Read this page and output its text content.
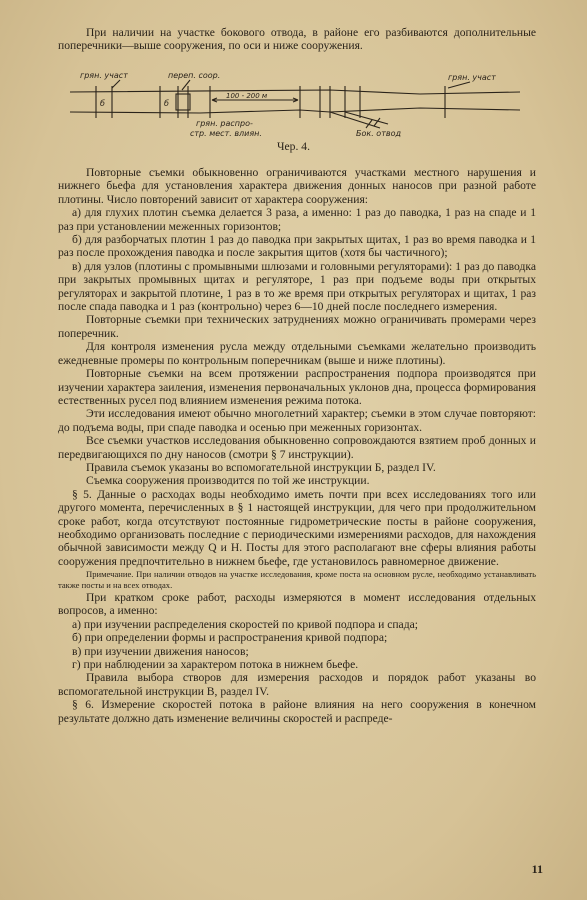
При наличии на участке бокового отвода, в районе его разбиваются дополнительные поперечники—выше сооружения, по оси и ниже сооружения.

грян. участ	переп. соор.	грян. участ
100 - 200 м
б	б
грян. распро-
стр. мест. влиян.	Бок. отвод
Чер. 4.

Повторные съемки обыкновенно ограничиваются участками местного нарушения и нижнего бьефа для установления характера движения донных наносов при разной работе плотины. Число повторений зависит от характера сооружения:

а) для глухих плотин съемка делается 3 раза, а именно: 1 раз до паводка, 1 раз на спаде и 1 раз при установлении меженных горизонтов;

б) для разборчатых плотин 1 раз до паводка при закрытых щитах, 1 раз во время паводка и 1 раз после прохождения паводка и после закрытия щитов (хотя бы частичного);

в) для узлов (плотины с промывными шлюзами и головными регуляторами): 1 раз до паводка при закрытых промывных щитах и регуляторе, 1 раз при подъеме воды при открытых регуляторах и закрытой плотине, 1 раз в то же время при открытых регуляторах и щитах, 1 раз после спада паводка и 1 раз (контрольно) через 6—10 дней после последнего измерения.

Повторные съемки при технических затруднениях можно ограничивать промерами через поперечник.

Для контроля изменения русла между отдельными съемками желательно производить ежедневные промеры по контрольным поперечникам (выше и ниже плотины).

Повторные съемки на всем протяжении распространения подпора производятся при изучении характера заиления, изменения первоначальных уклонов дна, процесса формирования естественных русел под влиянием изменения режима потока.

Эти исследования имеют обычно многолетний характер; съемки в этом случае повторяют: до подъема воды, при спаде паводка и осенью при меженных горизонтах.

Все съемки участков исследования обыкновенно сопровождаются взятием проб донных и передвигающихся по дну наносов (смотри § 7 инструкции).

Правила съемок указаны во вспомогательной инструкции Б, раздел IV.

Съемка сооружения производится по той же инструкции.

§ 5. Данные о расходах воды необходимо иметь почти при всех исследованиях того или другого момента, перечисленных в § 1 настоящей инструкции, для чего при продолжительном сроке работ, когда отсутствуют постоянные гидрометрические посты в районе сооружения, необходимо организовать последние с периодическими измерениями расходов, для нахождения обычной зависимости между Q и H. Посты для этого располагают вне сферы влияния работы сооружения предпочтительно в нижнем бьефе, где установилось равномерное движение.

Примечание. При наличии отводов на участке исследования, кроме поста на основном русле, необходимо устанавливать также посты и на всех отводах.

При кратком сроке работ, расходы измеряются в момент исследования отдельных вопросов, а именно:

а) при изучении распределения скоростей по кривой подпора и спада;

б) при определении формы и распространения кривой подпора;

в) при изучении движения наносов;

г) при наблюдении за характером потока в нижнем бьефе.

Правила выбора створов для измерения расходов и порядок работ указаны во вспомогательной инструкции В, раздел IV.

§ 6. Измерение скоростей потока в районе влияния на него сооружения в конечном результате должно дать изменение величины скоростей и распреде-

11
